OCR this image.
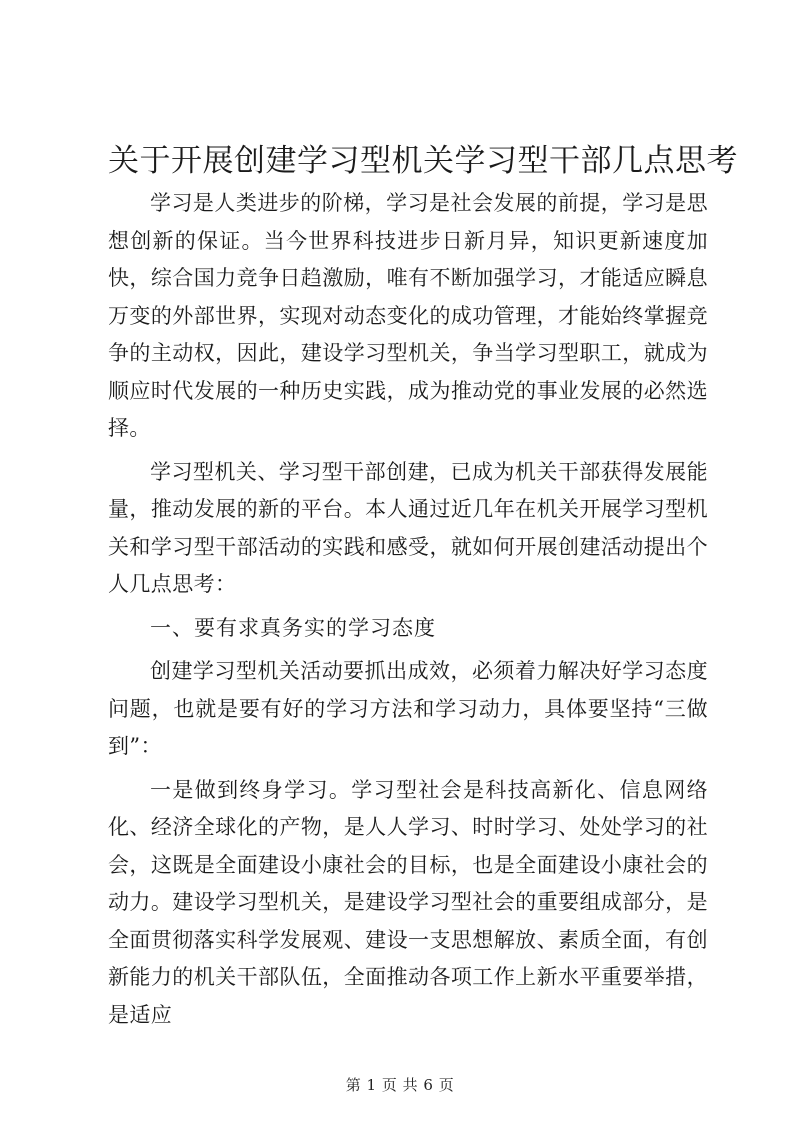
关于开展创建学习型机关学习型干部几点思考

学习是人类进步的阶梯，学习是社会发展的前提，学习是思想创新的保证。当今世界科技进步日新月异，知识更新速度加快，综合国力竞争日趋激励，唯有不断加强学习，才能适应瞬息万变的外部世界，实现对动态变化的成功管理，才能始终掌握竞争的主动权，因此，建设学习型机关，争当学习型职工，就成为顺应时代发展的一种历史实践，成为推动党的事业发展的必然选择。

学习型机关、学习型干部创建，已成为机关干部获得发展能量，推动发展的新的平台。本人通过近几年在机关开展学习型机关和学习型干部活动的实践和感受，就如何开展创建活动提出个人几点思考：

一、要有求真务实的学习态度

创建学习型机关活动要抓出成效，必须着力解决好学习态度问题，也就是要有好的学习方法和学习动力，具体要坚持“三做到”：

一是做到终身学习。学习型社会是科技高新化、信息网络化、经济全球化的产物，是人人学习、时时学习、处处学习的社会，这既是全面建设小康社会的目标，也是全面建设小康社会的动力。建设学习型机关，是建设学习型社会的重要组成部分，是全面贯彻落实科学发展观、建设一支思想解放、素质全面，有创新能力的机关干部队伍，全面推动各项工作上新水平重要举措，是适应

第 1 页 共 6 页
